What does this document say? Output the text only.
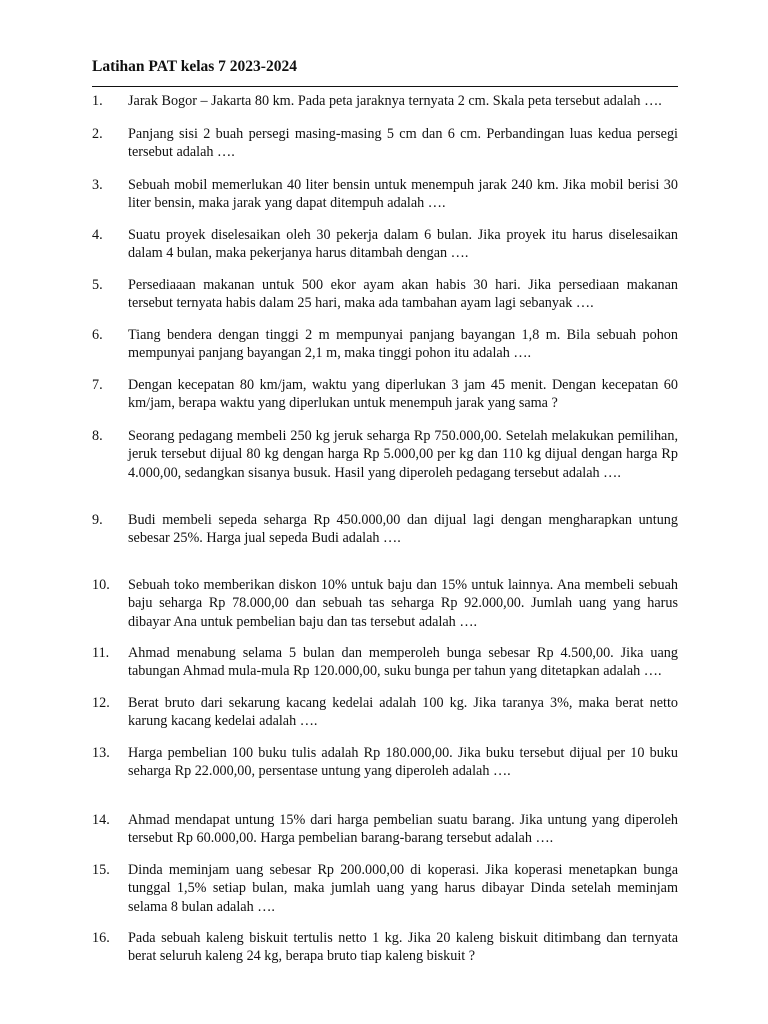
Latihan PAT kelas 7 2023-2024
1.	Jarak Bogor – Jakarta 80 km. Pada peta jaraknya ternyata 2 cm. Skala peta tersebut adalah ….
2.	Panjang sisi 2 buah persegi masing-masing 5 cm dan 6 cm. Perbandingan luas kedua persegi tersebut adalah ….
3.	Sebuah mobil memerlukan 40 liter bensin untuk menempuh jarak 240 km. Jika mobil berisi 30 liter bensin, maka jarak yang dapat ditempuh adalah ….
4.	Suatu proyek diselesaikan oleh 30 pekerja dalam 6 bulan. Jika proyek itu harus diselesaikan dalam 4 bulan, maka pekerjanya harus ditambah dengan ….
5.	Persediaaan makanan untuk 500 ekor ayam akan habis 30 hari. Jika persediaan makanan tersebut ternyata habis dalam 25 hari, maka ada tambahan ayam lagi sebanyak ….
6.	Tiang bendera dengan tinggi 2 m mempunyai panjang bayangan 1,8 m. Bila sebuah pohon mempunyai panjang bayangan 2,1 m, maka tinggi pohon itu adalah ….
7.	Dengan kecepatan 80 km/jam, waktu yang diperlukan 3 jam 45 menit. Dengan kecepatan 60 km/jam, berapa waktu yang diperlukan untuk menempuh jarak yang sama ?
8.	Seorang pedagang membeli 250 kg jeruk seharga Rp 750.000,00. Setelah melakukan pemilihan, jeruk tersebut dijual 80 kg dengan harga Rp 5.000,00 per kg dan 110 kg dijual dengan harga Rp 4.000,00, sedangkan sisanya busuk. Hasil yang diperoleh pedagang tersebut adalah ….
9.	Budi membeli sepeda seharga Rp 450.000,00 dan dijual lagi dengan mengharapkan untung sebesar 25%. Harga jual sepeda Budi adalah ….
10.	Sebuah toko memberikan diskon 10% untuk baju dan 15% untuk lainnya. Ana membeli sebuah baju seharga Rp 78.000,00 dan sebuah tas seharga Rp 92.000,00. Jumlah uang yang harus dibayar Ana untuk pembelian baju dan tas tersebut adalah ….
11.	Ahmad menabung selama 5 bulan dan memperoleh bunga sebesar Rp 4.500,00. Jika uang tabungan Ahmad mula-mula Rp 120.000,00, suku bunga per tahun yang ditetapkan adalah ….
12.	Berat bruto dari sekarung kacang kedelai adalah 100 kg. Jika taranya 3%, maka berat netto karung kacang kedelai adalah ….
13.	Harga pembelian 100 buku tulis adalah Rp 180.000,00. Jika buku tersebut dijual per 10 buku seharga Rp 22.000,00, persentase untung yang diperoleh adalah ….
14.	Ahmad mendapat untung 15% dari harga pembelian suatu barang. Jika untung yang diperoleh tersebut Rp 60.000,00. Harga pembelian barang-barang tersebut adalah ….
15.	Dinda meminjam uang sebesar Rp 200.000,00 di koperasi. Jika koperasi menetapkan bunga tunggal 1,5% setiap bulan, maka jumlah uang yang harus dibayar Dinda setelah meminjam selama 8 bulan adalah ….
16.	Pada sebuah kaleng biskuit tertulis netto 1 kg. Jika 20 kaleng biskuit ditimbang dan ternyata berat seluruh kaleng 24 kg, berapa bruto tiap kaleng biskuit ?
